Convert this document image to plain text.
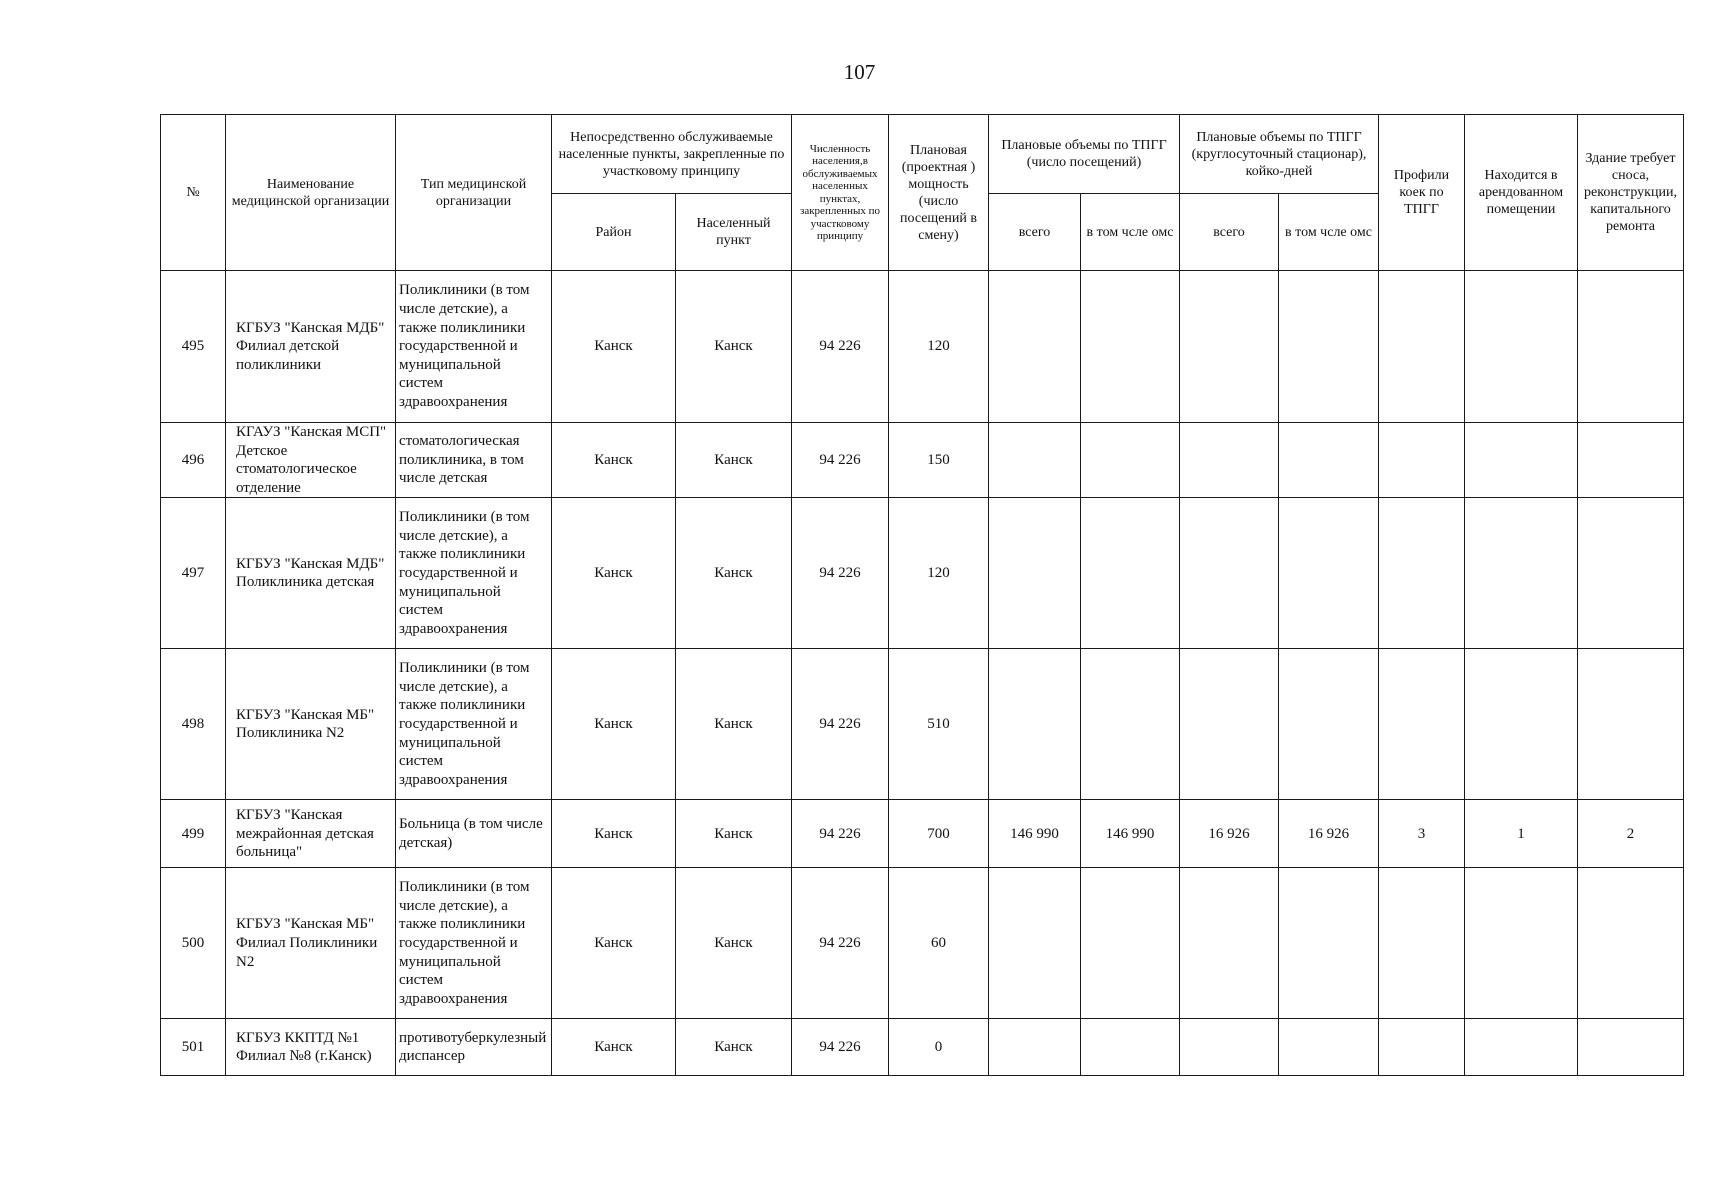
107
№	Наименование медицинской организации	Тип медицинской организации	Непосредственно обслуживаемые населенные пункты, закрепленные по участковому принципу		Численность населения,в обслуживаемых населенных пунктах, закрепленных по участковому принципу	Плановая (проектная ) мощность (число посещений в смену)	Плановые объемы по ТПГГ (число посещений)		Плановые объемы по ТПГГ (круглосуточный стационар), койко-дней		Профили коек по ТПГГ	Находится в арендованном помещении	Здание требует сноса, реконструкции, капитального ремонта
			Район	Населенный пункт			всего	в том чсле омс	всего	в том чсле омс			
495	КГБУЗ "Канская МДБ" Филиал детской поликлиники	Поликлиники (в том числе детские), а также поликлиники государственной и муниципальной систем здравоохранения	Канск	Канск	94 226	120							
496	КГАУЗ "Канская МСП" Детское стоматологическое отделение	стоматологическая поликлиника, в том числе детская	Канск	Канск	94 226	150							
497	КГБУЗ "Канская МДБ" Поликлиника детская	Поликлиники (в том числе детские), а также поликлиники государственной и муниципальной систем здравоохранения	Канск	Канск	94 226	120							
498	КГБУЗ "Канская МБ" Поликлиника N2	Поликлиники (в том числе детские), а также поликлиники государственной и муниципальной систем здравоохранения	Канск	Канск	94 226	510							
499	КГБУЗ "Канская межрайонная детская больница"	Больница (в том числе детская)	Канск	Канск	94 226	700	146 990	146 990	16 926	16 926	3	1	2
500	КГБУЗ "Канская МБ" Филиал Поликлиники N2	Поликлиники (в том числе детские), а также поликлиники государственной и муниципальной систем здравоохранения	Канск	Канск	94 226	60							
501	КГБУЗ ККПТД №1 Филиал №8 (г.Канск)	противотуберкулезный диспансер	Канск	Канск	94 226	0							
